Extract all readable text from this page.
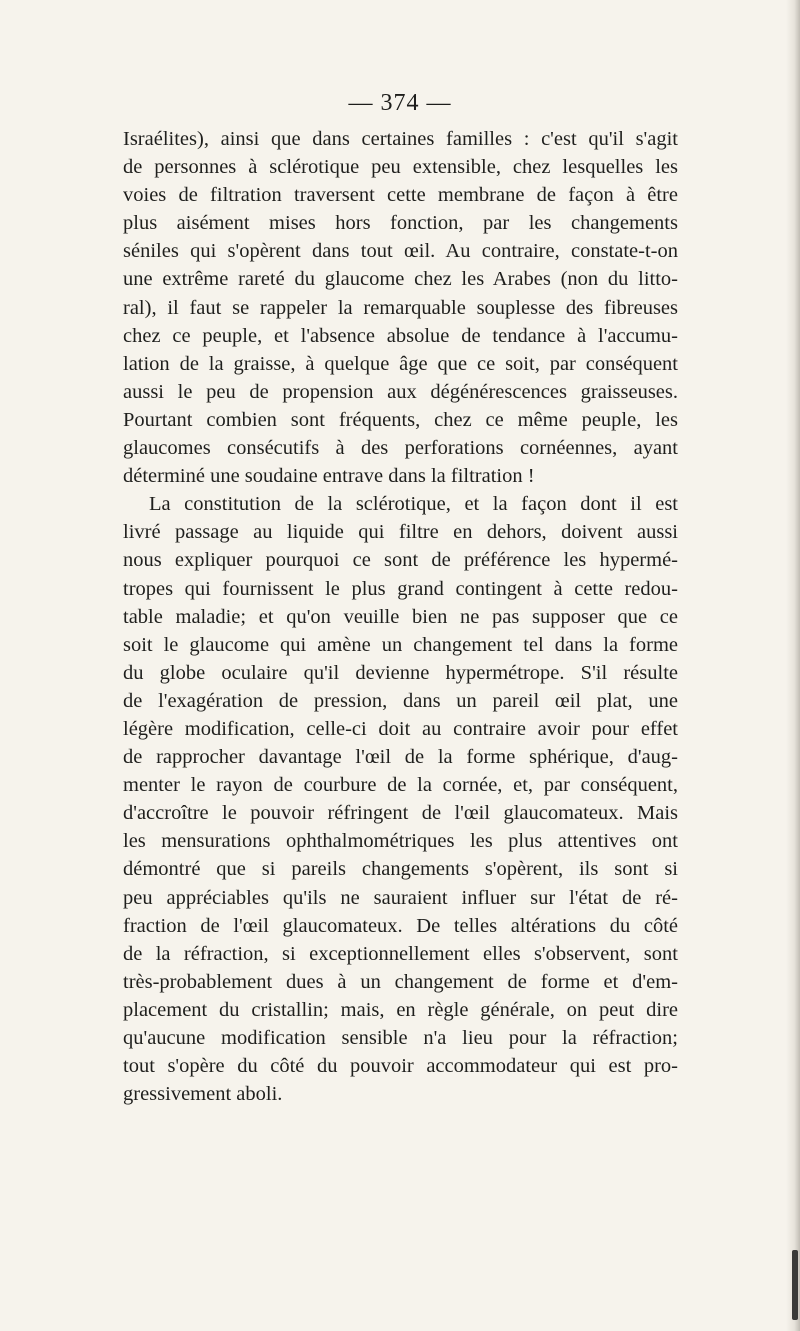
— 374 —
Israélites), ainsi que dans certaines familles : c'est qu'il s'agit
de personnes à sclérotique peu extensible, chez lesquelles les
voies de filtration traversent cette membrane de façon à être
plus aisément mises hors fonction, par les changements
séniles qui s'opèrent dans tout œil. Au contraire, constate-t-on
une extrême rareté du glaucome chez les Arabes (non du litto-
ral), il faut se rappeler la remarquable souplesse des fibreuses
chez ce peuple, et l'absence absolue de tendance à l'accumu-
lation de la graisse, à quelque âge que ce soit, par conséquent
aussi le peu de propension aux dégénérescences graisseuses.
Pourtant combien sont fréquents, chez ce même peuple, les
glaucomes consécutifs à des perforations cornéennes, ayant
déterminé une soudaine entrave dans la filtration !
La constitution de la sclérotique, et la façon dont il est
livré passage au liquide qui filtre en dehors, doivent aussi
nous expliquer pourquoi ce sont de préférence les hypermé-
tropes qui fournissent le plus grand contingent à cette redou-
table maladie; et qu'on veuille bien ne pas supposer que ce
soit le glaucome qui amène un changement tel dans la forme
du globe oculaire qu'il devienne hypermétrope. S'il résulte
de l'exagération de pression, dans un pareil œil plat, une
légère modification, celle-ci doit au contraire avoir pour effet
de rapprocher davantage l'œil de la forme sphérique, d'aug-
menter le rayon de courbure de la cornée, et, par conséquent,
d'accroître le pouvoir réfringent de l'œil glaucomateux. Mais
les mensurations ophthalmométriques les plus attentives ont
démontré que si pareils changements s'opèrent, ils sont si
peu appréciables qu'ils ne sauraient influer sur l'état de ré-
fraction de l'œil glaucomateux. De telles altérations du côté
de la réfraction, si exceptionnellement elles s'observent, sont
très-probablement dues à un changement de forme et d'em-
placement du cristallin; mais, en règle générale, on peut dire
qu'aucune modification sensible n'a lieu pour la réfraction;
tout s'opère du côté du pouvoir accommodateur qui est pro-
gressivement aboli.
